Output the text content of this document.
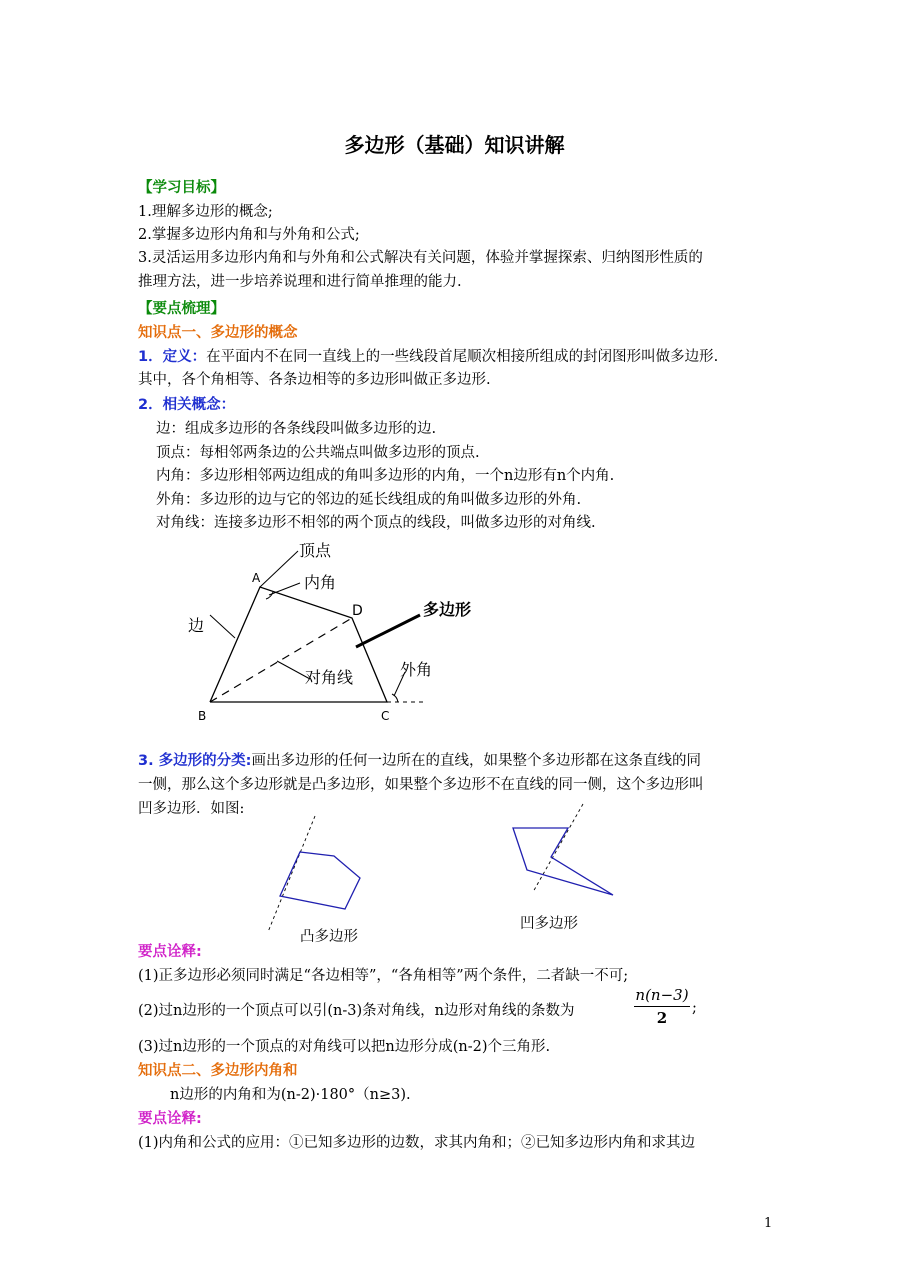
多边形（基础）知识讲解
【学习目标】
1.理解多边形的概念;
2.掌握多边形内角和与外角和公式;
3.灵活运用多边形内角和与外角和公式解决有关问题，体验并掌握探索、归纳图形性质的
推理方法，进一步培养说理和进行简单推理的能力.
【要点梳理】
知识点一、多边形的概念
1．定义：在平面内不在同一直线上的一些线段首尾顺次相接所组成的封闭图形叫做多边形.
其中，各个角相等、各条边相等的多边形叫做正多边形.
2．相关概念：
边：组成多边形的各条线段叫做多边形的边.
顶点：每相邻两条边的公共端点叫做多边形的顶点.
内角：多边形相邻两边组成的角叫多边形的内角，一个n边形有n个内角.
外角：多边形的边与它的邻边的延长线组成的角叫做多边形的外角.
对角线：连接多边形不相邻的两个顶点的线段，叫做多边形的对角线.
A
B	C
D
顶点
内角
边
多边形
对角线	外角
3. 多边形的分类:画出多边形的任何一边所在的直线，如果整个多边形都在这条直线的同
一侧，那么这个多边形就是凸多边形，如果整个多边形不在直线的同一侧，这个多边形叫
凹多边形．如图:
凸多边形
凹多边形
要点诠释:
(1)正多边形必须同时满足“各边相等”，“各角相等”两个条件，二者缺一不可;
(2)过n边形的一个顶点可以引(n-3)条对角线，n边形对角线的条数为
n(n−3)
2
;
(3)过n边形的一个顶点的对角线可以把n边形分成(n-2)个三角形.
知识点二、多边形内角和
n边形的内角和为(n-2)·180°（n≥3).
要点诠释:
(1)内角和公式的应用：①已知多边形的边数，求其内角和；②已知多边形内角和求其边
1
